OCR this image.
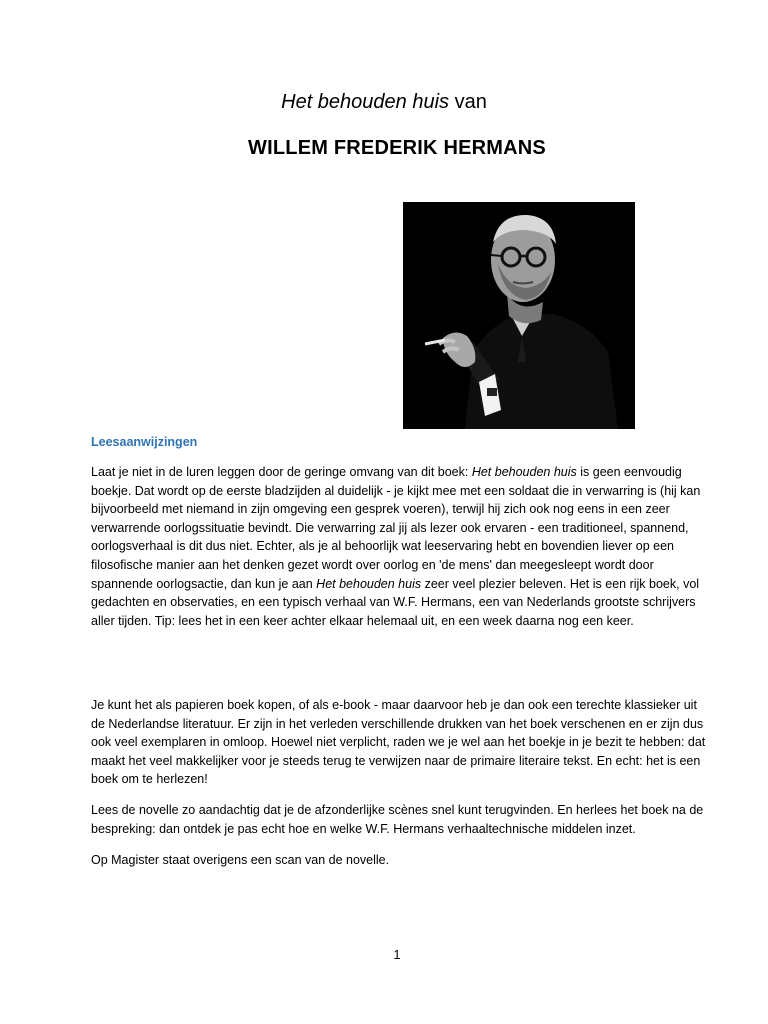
Het behouden huis van
WILLEM FREDERIK HERMANS
Leesaanwijzingen

Laat je niet in de luren leggen door de geringe omvang van dit boek: Het behouden huis is geen eenvoudig boekje. Dat wordt op de eerste bladzijden al duidelijk - je kijkt mee met een soldaat die in verwarring is (hij kan bijvoorbeeld met niemand in zijn omgeving een gesprek voeren), terwijl hij zich ook nog eens in een zeer verwarrende oorlogssituatie bevindt. Die verwarring zal jij als lezer ook ervaren - een traditioneel, spannend, oorlogsverhaal is dit dus niet. Echter, als je al behoorlijk wat leeservaring hebt en bovendien liever op een filosofische manier aan het denken gezet wordt over oorlog en 'de mens' dan meegesleept wordt door spannende oorlogsactie, dan kun je aan Het behouden huis zeer veel plezier beleven. Het is een rijk boek, vol gedachten en observaties, en een typisch verhaal van W.F. Hermans, een van Nederlands grootste schrijvers aller tijden. Tip: lees het in een keer achter elkaar helemaal uit, en een week daarna nog een keer.

Je kunt het als papieren boek kopen, of als e-book - maar daarvoor heb je dan ook een terechte klassieker uit de Nederlandse literatuur. Er zijn in het verleden verschillende drukken van het boek verschenen en er zijn dus ook veel exemplaren in omloop. Hoewel niet verplicht, raden we je wel aan het boekje in je bezit te hebben: dat maakt het veel makkelijker voor je steeds terug te verwijzen naar de primaire literaire tekst. En echt: het is een boek om te herlezen!

Lees de novelle zo aandachtig dat je de afzonderlijke scènes snel kunt terugvinden. En herlees het boek na de bespreking: dan ontdek je pas echt hoe en welke W.F. Hermans verhaaltechnische middelen inzet.

Op Magister staat overigens een scan van de novelle.

1
